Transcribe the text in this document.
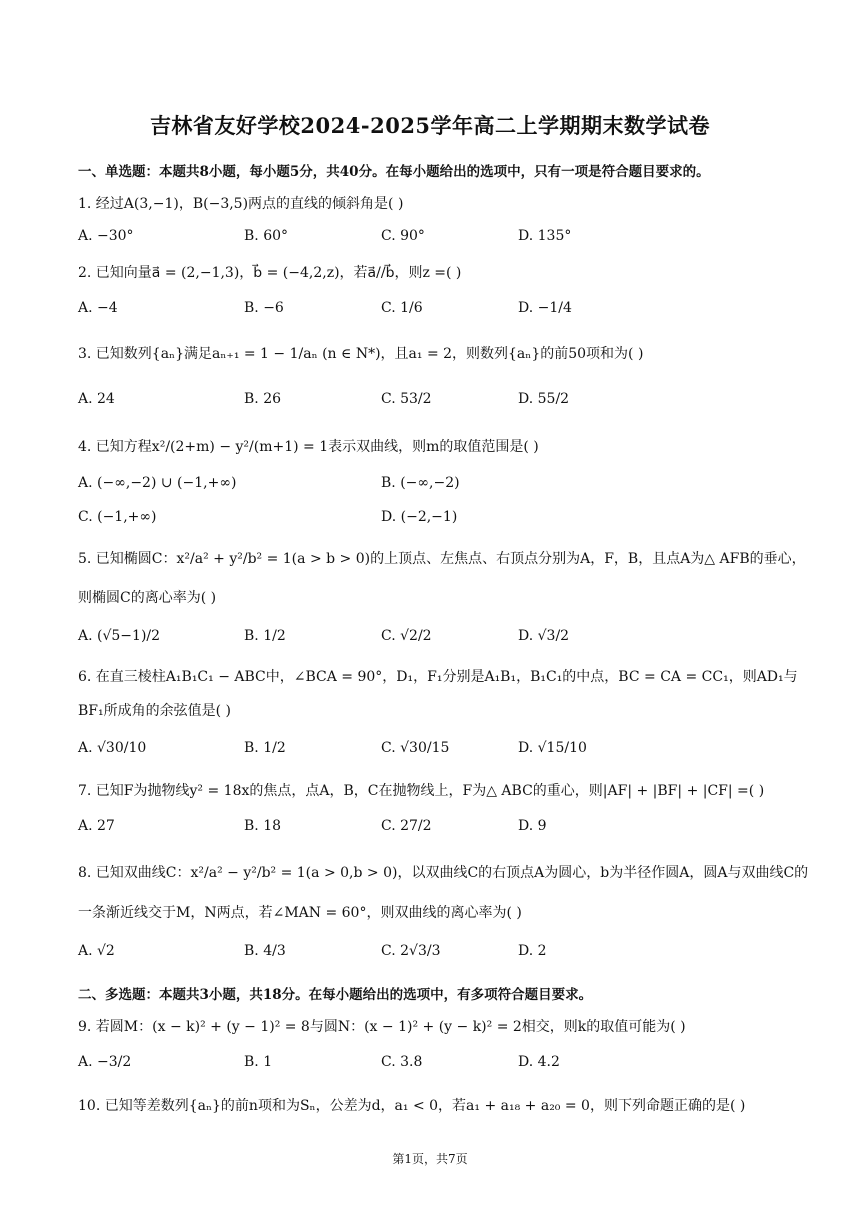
吉林省友好学校2024-2025学年高二上学期期末数学试卷
一、单选题：本题共8小题，每小题5分，共40分。在每小题给出的选项中，只有一项是符合题目要求的。
1. 经过A(3,−1)，B(−3,5)两点的直线的倾斜角是( )
A. −30°	B. 60°	C. 90°	D. 135°
2. 已知向量a⃗ = (2,−1,3)，b⃗ = (−4,2,z)，若a⃗//b⃗，则z =( )
A. −4	B. −6	C. 1/6	D. −1/4
3. 已知数列{aₙ}满足aₙ₊₁ = 1 − 1/aₙ (n ∈ N*)，且a₁ = 2，则数列{aₙ}的前50项和为( )
A. 24	B. 26	C. 53/2	D. 55/2
4. 已知方程x²/(2+m) − y²/(m+1) = 1表示双曲线，则m的取值范围是( )
A. (−∞,−2) ∪ (−1,+∞)	B. (−∞,−2)
C. (−1,+∞)	D. (−2,−1)
5. 已知椭圆C：x²/a² + y²/b² = 1(a > b > 0)的上顶点、左焦点、右顶点分别为A，F，B，且点A为△ AFB的垂心，
则椭圆C的离心率为( )
A. (√5−1)/2	B. 1/2	C. √2/2	D. √3/2
6. 在直三棱柱A₁B₁C₁ − ABC中，∠BCA = 90°，D₁，F₁分别是A₁B₁，B₁C₁的中点，BC = CA = CC₁，则AD₁与
BF₁所成角的余弦值是( )
A. √30/10	B. 1/2	C. √30/15	D. √15/10
7. 已知F为抛物线y² = 18x的焦点，点A，B，C在抛物线上，F为△ ABC的重心，则|AF| + |BF| + |CF| =( )
A. 27	B. 18	C. 27/2	D. 9
8. 已知双曲线C：x²/a² − y²/b² = 1(a > 0,b > 0)，以双曲线C的右顶点A为圆心，b为半径作圆A，圆A与双曲线C的
一条渐近线交于M，N两点，若∠MAN = 60°，则双曲线的离心率为( )
A. √2	B. 4/3	C. 2√3/3	D. 2
二、多选题：本题共3小题，共18分。在每小题给出的选项中，有多项符合题目要求。
9. 若圆M：(x − k)² + (y − 1)² = 8与圆N：(x − 1)² + (y − k)² = 2相交，则k的取值可能为( )
A. −3/2	B. 1	C. 3.8	D. 4.2
10. 已知等差数列{aₙ}的前n项和为Sₙ，公差为d，a₁ < 0，若a₁ + a₁₈ + a₂₀ = 0，则下列命题正确的是( )
第1页，共7页
